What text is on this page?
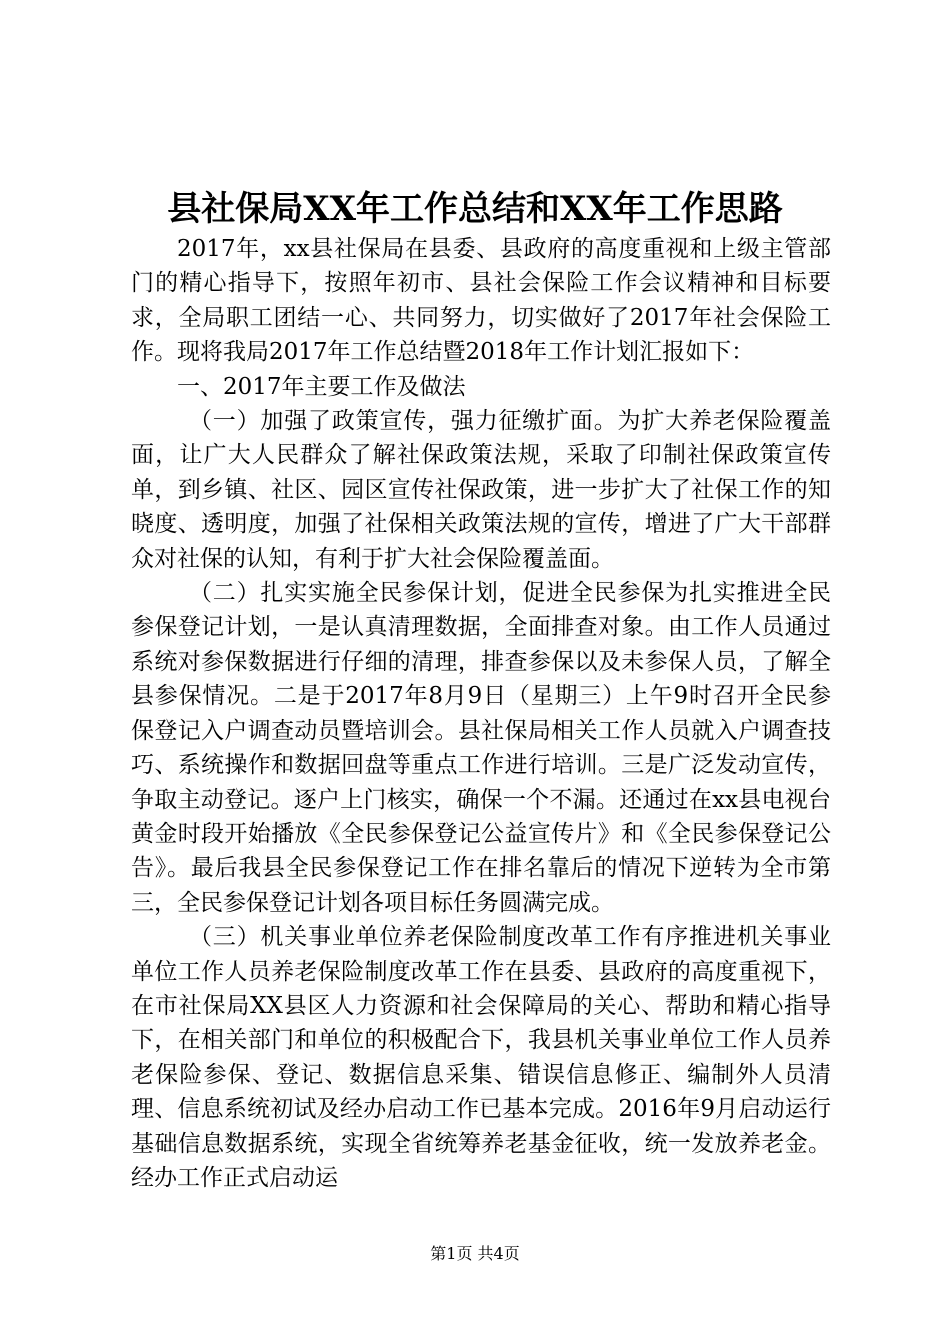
县社保局XX年工作总结和XX年工作思路

2017年，xx县社保局在县委、县政府的高度重视和上级主管部门的精心指导下，按照年初市、县社会保险工作会议精神和目标要求，全局职工团结一心、共同努力，切实做好了2017年社会保险工作。现将我局2017年工作总结暨2018年工作计划汇报如下：

一、2017年主要工作及做法

（一）加强了政策宣传，强力征缴扩面。为扩大养老保险覆盖面，让广大人民群众了解社保政策法规，采取了印制社保政策宣传单，到乡镇、社区、园区宣传社保政策，进一步扩大了社保工作的知晓度、透明度，加强了社保相关政策法规的宣传，增进了广大干部群众对社保的认知，有利于扩大社会保险覆盖面。

（二）扎实实施全民参保计划，促进全民参保为扎实推进全民参保登记计划，一是认真清理数据，全面排查对象。由工作人员通过系统对参保数据进行仔细的清理，排查参保以及未参保人员，了解全县参保情况。二是于2017年8月9日（星期三）上午9时召开全民参保登记入户调查动员暨培训会。县社保局相关工作人员就入户调查技巧、系统操作和数据回盘等重点工作进行培训。三是广泛发动宣传，争取主动登记。逐户上门核实，确保一个不漏。还通过在xx县电视台黄金时段开始播放《全民参保登记公益宣传片》和《全民参保登记公告》。最后我县全民参保登记工作在排名靠后的情况下逆转为全市第三，全民参保登记计划各项目标任务圆满完成。

（三）机关事业单位养老保险制度改革工作有序推进机关事业单位工作人员养老保险制度改革工作在县委、县政府的高度重视下，在市社保局XX县区人力资源和社会保障局的关心、帮助和精心指导下，在相关部门和单位的积极配合下，我县机关事业单位工作人员养老保险参保、登记、数据信息采集、错误信息修正、编制外人员清理、信息系统初试及经办启动工作已基本完成。2016年9月启动运行基础信息数据系统，实现全省统筹养老基金征收，统一发放养老金。经办工作正式启动运

第1页 共4页
